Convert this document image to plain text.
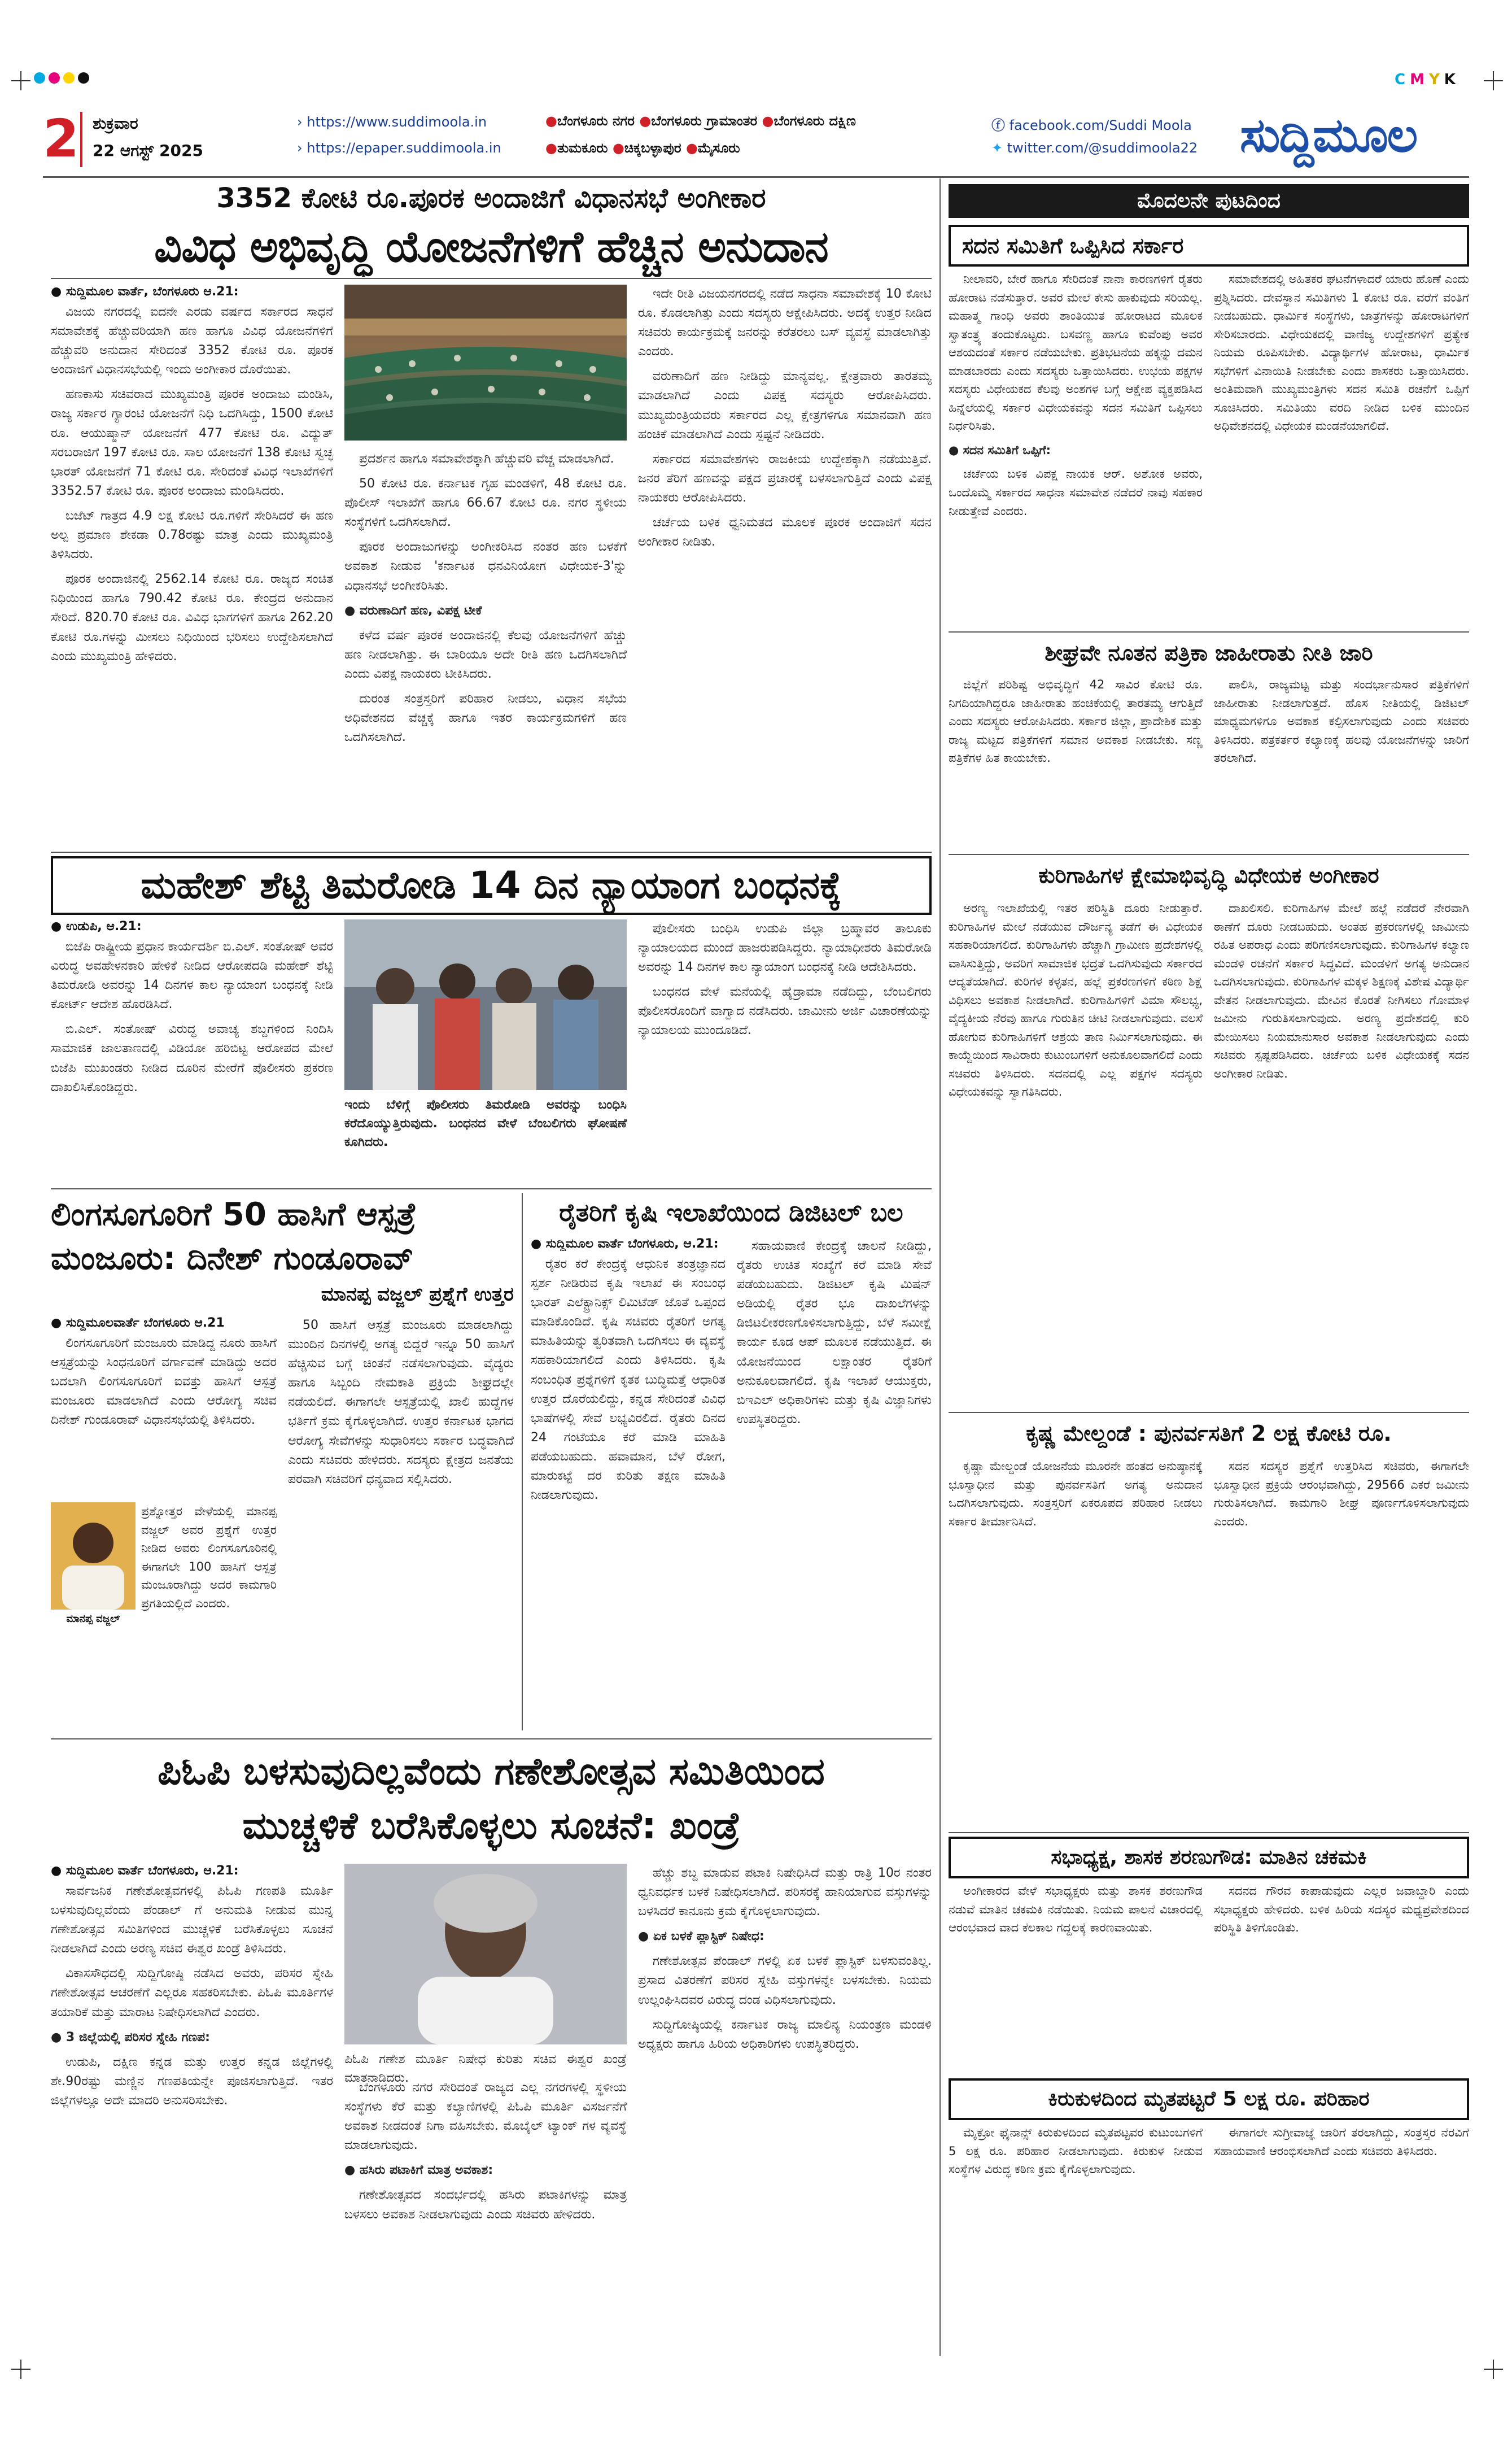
CMYK
2 ಶುಕ್ರವಾರ
22 ಆಗಸ್ಟ್ 2025
› https://www.suddimoola.in
› https://epaper.suddimoola.in
●ಬೆಂಗಳೂರು ನಗರ ●ಬೆಂಗಳೂರು ಗ್ರಾಮಾಂತರ ●ಬೆಂಗಳೂರು ದಕ್ಷಿಣ
●ತುಮಕೂರು ●ಚಿಕ್ಕಬಳ್ಳಾಪುರ ●ಮೈಸೂರು
ⓕ facebook.com/Suddi Moola
✦ twitter.com/@suddimoola22 ಸುದ್ದಿಮೂಲ
3352 ಕೋಟಿ ರೂ.ಪೂರಕ ಅಂದಾಜಿಗೆ ವಿಧಾನಸಭೆ ಅಂಗೀಕಾರ
ವಿವಿಧ ಅಭಿವೃದ್ಧಿ ಯೋಜನೆಗಳಿಗೆ ಹೆಚ್ಚಿನ ಅನುದಾನ
● ಸುದ್ದಿಮೂಲ ವಾರ್ತೆ, ಬೆಂಗಳೂರು ಆ.21:

ವಿಜಯ ನಗರದಲ್ಲಿ ಐದನೇ ಎರಡು ವರ್ಷದ ಸರ್ಕಾರದ ಸಾಧನೆ ಸಮಾವೇಶಕ್ಕೆ ಹೆಚ್ಚುವರಿಯಾಗಿ ಹಣ ಹಾಗೂ ವಿವಿಧ ಯೋಜನೆಗಳಿಗೆ ಹೆಚ್ಚುವರಿ ಅನುದಾನ ಸೇರಿದಂತೆ 3352 ಕೋಟಿ ರೂ. ಪೂರಕ ಅಂದಾಜಿಗೆ ವಿಧಾನಸಭೆಯಲ್ಲಿ ಇಂದು ಅಂಗೀಕಾರ ದೊರೆಯಿತು.

ಹಣಕಾಸು ಸಚಿವರಾದ ಮುಖ್ಯಮಂತ್ರಿ ಪೂರಕ ಅಂದಾಜು ಮಂಡಿಸಿ, ರಾಜ್ಯ ಸರ್ಕಾರ ಗ್ಯಾರಂಟಿ ಯೋಜನೆಗೆ ನಿಧಿ ಒದಗಿಸಿದ್ದು, 1500 ಕೋಟಿ ರೂ. ಆಯುಷ್ಮಾನ್ ಯೋಜನೆಗೆ 477 ಕೋಟಿ ರೂ. ವಿದ್ಯುತ್ ಸರಬರಾಜಿಗೆ 197 ಕೋಟಿ ರೂ. ಸಾಲ ಯೋಜನೆಗೆ 138 ಕೋಟಿ ಸ್ವಚ್ಛ ಭಾರತ್ ಯೋಜನೆಗೆ 71 ಕೋಟಿ ರೂ. ಸೇರಿದಂತೆ ವಿವಿಧ ಇಲಾಖೆಗಳಿಗೆ 3352.57 ಕೋಟಿ ರೂ. ಪೂರಕ ಅಂದಾಜು ಮಂಡಿಸಿದರು.

ಬಜೆಟ್ ಗಾತ್ರದ 4.9 ಲಕ್ಷ ಕೋಟಿ ರೂ.ಗಳಿಗೆ ಸೇರಿಸಿದರೆ ಈ ಹಣ ಅಲ್ಪ ಪ್ರಮಾಣ ಶೇಕಡಾ 0.78ರಷ್ಟು ಮಾತ್ರ ಎಂದು ಮುಖ್ಯಮಂತ್ರಿ ತಿಳಿಸಿದರು.

ಪೂರಕ ಅಂದಾಜಿನಲ್ಲಿ 2562.14 ಕೋಟಿ ರೂ. ರಾಜ್ಯದ ಸಂಚಿತ ನಿಧಿಯಿಂದ ಹಾಗೂ 790.42 ಕೋಟಿ ರೂ. ಕೇಂದ್ರದ ಅನುದಾನ ಸೇರಿದೆ. 820.70 ಕೋಟಿ ರೂ. ವಿವಿಧ ಭಾಗಗಳಿಗೆ ಹಾಗೂ 262.20 ಕೋಟಿ ರೂ.ಗಳನ್ನು ಮೀಸಲು ನಿಧಿಯಿಂದ ಭರಿಸಲು ಉದ್ದೇಶಿಸಲಾಗಿದೆ ಎಂದು ಮುಖ್ಯಮಂತ್ರಿ ಹೇಳಿದರು.

ಪ್ರದರ್ಶನ ಹಾಗೂ ಸಮಾವೇಶಕ್ಕಾಗಿ ಹೆಚ್ಚುವರಿ ವೆಚ್ಚ ಮಾಡಲಾಗಿದೆ.

50 ಕೋಟಿ ರೂ. ಕರ್ನಾಟಕ ಗೃಹ ಮಂಡಳಿಗೆ, 48 ಕೋಟಿ ರೂ. ಪೊಲೀಸ್ ಇಲಾಖೆಗೆ ಹಾಗೂ 66.67 ಕೋಟಿ ರೂ. ನಗರ ಸ್ಥಳೀಯ ಸಂಸ್ಥೆಗಳಿಗೆ ಒದಗಿಸಲಾಗಿದೆ.

ಪೂರಕ ಅಂದಾಜುಗಳನ್ನು ಅಂಗೀಕರಿಸಿದ ನಂತರ ಹಣ ಬಳಕೆಗೆ ಅವಕಾಶ ನೀಡುವ 'ಕರ್ನಾಟಕ ಧನವಿನಿಯೋಗ ವಿಧೇಯಕ-3'ನ್ನು ವಿಧಾನಸಭೆ ಅಂಗೀಕರಿಸಿತು.

● ವರುಣಾದಿಗೆ ಹಣ, ವಿಪಕ್ಷ ಟೀಕೆ

ಕಳೆದ ವರ್ಷ ಪೂರಕ ಅಂದಾಜಿನಲ್ಲಿ ಕೆಲವು ಯೋಜನೆಗಳಿಗೆ ಹೆಚ್ಚು ಹಣ ನೀಡಲಾಗಿತ್ತು. ಈ ಬಾರಿಯೂ ಅದೇ ರೀತಿ ಹಣ ಒದಗಿಸಲಾಗಿದೆ ಎಂದು ವಿಪಕ್ಷ ನಾಯಕರು ಟೀಕಿಸಿದರು.

ದುರಂತ ಸಂತ್ರಸ್ತರಿಗೆ ಪರಿಹಾರ ನೀಡಲು, ವಿಧಾನ ಸಭೆಯ ಅಧಿವೇಶನದ ವೆಚ್ಚಕ್ಕೆ ಹಾಗೂ ಇತರ ಕಾರ್ಯಕ್ರಮಗಳಿಗೆ ಹಣ ಒದಗಿಸಲಾಗಿದೆ.

ಇದೇ ರೀತಿ ವಿಜಯನಗರದಲ್ಲಿ ನಡೆದ ಸಾಧನಾ ಸಮಾವೇಶಕ್ಕೆ 10 ಕೋಟಿ ರೂ. ಕೊಡಲಾಗಿತ್ತು ಎಂದು ಸದಸ್ಯರು ಆಕ್ಷೇಪಿಸಿದರು. ಅದಕ್ಕೆ ಉತ್ತರ ನೀಡಿದ ಸಚಿವರು ಕಾರ್ಯಕ್ರಮಕ್ಕೆ ಜನರನ್ನು ಕರೆತರಲು ಬಸ್ ವ್ಯವಸ್ಥೆ ಮಾಡಲಾಗಿತ್ತು ಎಂದರು.

ವರುಣಾದಿಗೆ ಹಣ ನೀಡಿದ್ದು ಮಾನ್ಯವಲ್ಲ. ಕ್ಷೇತ್ರವಾರು ತಾರತಮ್ಯ ಮಾಡಲಾಗಿದೆ ಎಂದು ವಿಪಕ್ಷ ಸದಸ್ಯರು ಆರೋಪಿಸಿದರು. ಮುಖ್ಯಮಂತ್ರಿಯವರು ಸರ್ಕಾರದ ಎಲ್ಲ ಕ್ಷೇತ್ರಗಳಿಗೂ ಸಮಾನವಾಗಿ ಹಣ ಹಂಚಿಕೆ ಮಾಡಲಾಗಿದೆ ಎಂದು ಸ್ಪಷ್ಟನೆ ನೀಡಿದರು.

ಸರ್ಕಾರದ ಸಮಾವೇಶಗಳು ರಾಜಕೀಯ ಉದ್ದೇಶಕ್ಕಾಗಿ ನಡೆಯುತ್ತಿವೆ. ಜನರ ತೆರಿಗೆ ಹಣವನ್ನು ಪಕ್ಷದ ಪ್ರಚಾರಕ್ಕೆ ಬಳಸಲಾಗುತ್ತಿದೆ ಎಂದು ವಿಪಕ್ಷ ನಾಯಕರು ಆರೋಪಿಸಿದರು.

ಚರ್ಚೆಯ ಬಳಿಕ ಧ್ವನಿಮತದ ಮೂಲಕ ಪೂರಕ ಅಂದಾಜಿಗೆ ಸದನ ಅಂಗೀಕಾರ ನೀಡಿತು.

ಮಹೇಶ್ ಶೆಟ್ಟಿ ತಿಮರೋಡಿ 14 ದಿನ ನ್ಯಾಯಾಂಗ ಬಂಧನಕ್ಕೆ
● ಉಡುಪಿ, ಆ.21:

ಬಿಜೆಪಿ ರಾಷ್ಟ್ರೀಯ ಪ್ರಧಾನ ಕಾರ್ಯದರ್ಶಿ ಬಿ.ಎಲ್. ಸಂತೋಷ್ ಅವರ ವಿರುದ್ಧ ಅವಹೇಳನಕಾರಿ ಹೇಳಿಕೆ ನೀಡಿದ ಆರೋಪದಡಿ ಮಹೇಶ್ ಶೆಟ್ಟಿ ತಿಮರೋಡಿ ಅವರನ್ನು 14 ದಿನಗಳ ಕಾಲ ನ್ಯಾಯಾಂಗ ಬಂಧನಕ್ಕೆ ನೀಡಿ ಕೋರ್ಟ್ ಆದೇಶ ಹೊರಡಿಸಿದೆ.

ಬಿ.ಎಲ್. ಸಂತೋಷ್ ವಿರುದ್ಧ ಅವಾಚ್ಯ ಶಬ್ದಗಳಿಂದ ನಿಂದಿಸಿ ಸಾಮಾಜಿಕ ಜಾಲತಾಣದಲ್ಲಿ ವಿಡಿಯೋ ಹರಿಬಿಟ್ಟ ಆರೋಪದ ಮೇಲೆ ಬಿಜೆಪಿ ಮುಖಂಡರು ನೀಡಿದ ದೂರಿನ ಮೇರೆಗೆ ಪೊಲೀಸರು ಪ್ರಕರಣ ದಾಖಲಿಸಿಕೊಂಡಿದ್ದರು.

ಇಂದು ಬೆಳಿಗ್ಗೆ ಪೊಲೀಸರು ತಿಮರೋಡಿ ಅವರನ್ನು ಬಂಧಿಸಿ ಕರೆದೊಯ್ಯುತ್ತಿರುವುದು. ಬಂಧನದ ವೇಳೆ ಬೆಂಬಲಿಗರು ಘೋಷಣೆ ಕೂಗಿದರು.

ಪೊಲೀಸರು ಬಂಧಿಸಿ ಉಡುಪಿ ಜಿಲ್ಲಾ ಬ್ರಹ್ಮಾವರ ತಾಲೂಕು ನ್ಯಾಯಾಲಯದ ಮುಂದೆ ಹಾಜರುಪಡಿಸಿದ್ದರು. ನ್ಯಾಯಾಧೀಶರು ತಿಮರೋಡಿ ಅವರನ್ನು 14 ದಿನಗಳ ಕಾಲ ನ್ಯಾಯಾಂಗ ಬಂಧನಕ್ಕೆ ನೀಡಿ ಆದೇಶಿಸಿದರು.

ಬಂಧನದ ವೇಳೆ ಮನೆಯಲ್ಲಿ ಹೈಡ್ರಾಮಾ ನಡೆದಿದ್ದು, ಬೆಂಬಲಿಗರು ಪೊಲೀಸರೊಂದಿಗೆ ವಾಗ್ವಾದ ನಡೆಸಿದರು. ಜಾಮೀನು ಅರ್ಜಿ ವಿಚಾರಣೆಯನ್ನು ನ್ಯಾಯಾಲಯ ಮುಂದೂಡಿದೆ.

ಲಿಂಗಸೂಗೂರಿಗೆ 50 ಹಾಸಿಗೆ ಆಸ್ಪತ್ರೆ
ಮಂಜೂರು: ದಿನೇಶ್ ಗುಂಡೂರಾವ್
ಮಾನಪ್ಪ ವಜ್ಜಲ್ ಪ್ರಶ್ನೆಗೆ ಉತ್ತರ
● ಸುದ್ದಿಮೂಲವಾರ್ತೆ ಬೆಂಗಳೂರು ಆ.21

ಲಿಂಗಸೂಗೂರಿಗೆ ಮಂಜೂರು ಮಾಡಿದ್ದ ನೂರು ಹಾಸಿಗೆ ಆಸ್ಪತ್ರೆಯನ್ನು ಸಿಂಧನೂರಿಗೆ ವರ್ಗಾವಣೆ ಮಾಡಿದ್ದು ಅದರ ಬದಲಾಗಿ ಲಿಂಗಸೂಗೂರಿಗೆ ಐವತ್ತು ಹಾಸಿಗೆ ಆಸ್ಪತ್ರೆ ಮಂಜೂರು ಮಾಡಲಾಗಿದೆ ಎಂದು ಆರೋಗ್ಯ ಸಚಿವ ದಿನೇಶ್ ಗುಂಡೂರಾವ್ ವಿಧಾನಸಭೆಯಲ್ಲಿ ತಿಳಿಸಿದರು.

ಪ್ರಶ್ನೋತ್ತರ ವೇಳೆಯಲ್ಲಿ ಮಾನಪ್ಪ ವಜ್ಜಲ್ ಅವರ ಪ್ರಶ್ನೆಗೆ ಉತ್ತರ ನೀಡಿದ ಅವರು ಲಿಂಗಸೂಗೂರಿನಲ್ಲಿ ಈಗಾಗಲೇ 100 ಹಾಸಿಗೆ ಆಸ್ಪತ್ರೆ ಮಂಜೂರಾಗಿದ್ದು ಅದರ ಕಾಮಗಾರಿ ಪ್ರಗತಿಯಲ್ಲಿದೆ ಎಂದರು.

ಮಾನಪ್ಪ ವಜ್ಜಲ್

50 ಹಾಸಿಗೆ ಆಸ್ಪತ್ರೆ ಮಂಜೂರು ಮಾಡಲಾಗಿದ್ದು ಮುಂದಿನ ದಿನಗಳಲ್ಲಿ ಅಗತ್ಯ ಬಿದ್ದರೆ ಇನ್ನೂ 50 ಹಾಸಿಗೆ ಹೆಚ್ಚಿಸುವ ಬಗ್ಗೆ ಚಿಂತನೆ ನಡೆಸಲಾಗುವುದು. ವೈದ್ಯರು ಹಾಗೂ ಸಿಬ್ಬಂದಿ ನೇಮಕಾತಿ ಪ್ರಕ್ರಿಯೆ ಶೀಘ್ರದಲ್ಲೇ ನಡೆಯಲಿದೆ. ಈಗಾಗಲೇ ಆಸ್ಪತ್ರೆಯಲ್ಲಿ ಖಾಲಿ ಹುದ್ದೆಗಳ ಭರ್ತಿಗೆ ಕ್ರಮ ಕೈಗೊಳ್ಳಲಾಗಿದೆ. ಉತ್ತರ ಕರ್ನಾಟಕ ಭಾಗದ ಆರೋಗ್ಯ ಸೇವೆಗಳನ್ನು ಸುಧಾರಿಸಲು ಸರ್ಕಾರ ಬದ್ಧವಾಗಿದೆ ಎಂದು ಸಚಿವರು ಹೇಳಿದರು. ಸದಸ್ಯರು ಕ್ಷೇತ್ರದ ಜನತೆಯ ಪರವಾಗಿ ಸಚಿವರಿಗೆ ಧನ್ಯವಾದ ಸಲ್ಲಿಸಿದರು.

ರೈತರಿಗೆ ಕೃಷಿ ಇಲಾಖೆಯಿಂದ ಡಿಜಿಟಲ್ ಬಲ
● ಸುದ್ದಿಮೂಲ ವಾರ್ತೆ ಬೆಂಗಳೂರು, ಆ.21:

ರೈತರ ಕರೆ ಕೇಂದ್ರಕ್ಕೆ ಆಧುನಿಕ ತಂತ್ರಜ್ಞಾನದ ಸ್ಪರ್ಶ ನೀಡಿರುವ ಕೃಷಿ ಇಲಾಖೆ ಈ ಸಂಬಂಧ ಭಾರತ್ ಎಲೆಕ್ಟ್ರಾನಿಕ್ಸ್ ಲಿಮಿಟೆಡ್ ಜೊತೆ ಒಪ್ಪಂದ ಮಾಡಿಕೊಂಡಿದೆ. ಕೃಷಿ ಸಚಿವರು ರೈತರಿಗೆ ಅಗತ್ಯ ಮಾಹಿತಿಯನ್ನು ತ್ವರಿತವಾಗಿ ಒದಗಿಸಲು ಈ ವ್ಯವಸ್ಥೆ ಸಹಕಾರಿಯಾಗಲಿದೆ ಎಂದು ತಿಳಿಸಿದರು. ಕೃಷಿ ಸಂಬಂಧಿತ ಪ್ರಶ್ನೆಗಳಿಗೆ ಕೃತಕ ಬುದ್ಧಿಮತ್ತೆ ಆಧಾರಿತ ಉತ್ತರ ದೊರೆಯಲಿದ್ದು, ಕನ್ನಡ ಸೇರಿದಂತೆ ವಿವಿಧ ಭಾಷೆಗಳಲ್ಲಿ ಸೇವೆ ಲಭ್ಯವಿರಲಿದೆ. ರೈತರು ದಿನದ 24 ಗಂಟೆಯೂ ಕರೆ ಮಾಡಿ ಮಾಹಿತಿ ಪಡೆಯಬಹುದು. ಹವಾಮಾನ, ಬೆಳೆ ರೋಗ, ಮಾರುಕಟ್ಟೆ ದರ ಕುರಿತು ತಕ್ಷಣ ಮಾಹಿತಿ ನೀಡಲಾಗುವುದು.

ಸಹಾಯವಾಣಿ ಕೇಂದ್ರಕ್ಕೆ ಚಾಲನೆ ನೀಡಿದ್ದು, ರೈತರು ಉಚಿತ ಸಂಖ್ಯೆಗೆ ಕರೆ ಮಾಡಿ ಸೇವೆ ಪಡೆಯಬಹುದು. ಡಿಜಿಟಲ್ ಕೃಷಿ ಮಿಷನ್ ಅಡಿಯಲ್ಲಿ ರೈತರ ಭೂ ದಾಖಲೆಗಳನ್ನು ಡಿಜಿಟಲೀಕರಣಗೊಳಿಸಲಾಗುತ್ತಿದ್ದು, ಬೆಳೆ ಸಮೀಕ್ಷೆ ಕಾರ್ಯ ಕೂಡ ಆಪ್ ಮೂಲಕ ನಡೆಯುತ್ತಿದೆ. ಈ ಯೋಜನೆಯಿಂದ ಲಕ್ಷಾಂತರ ರೈತರಿಗೆ ಅನುಕೂಲವಾಗಲಿದೆ. ಕೃಷಿ ಇಲಾಖೆ ಆಯುಕ್ತರು, ಬಿಇಎಲ್ ಅಧಿಕಾರಿಗಳು ಮತ್ತು ಕೃಷಿ ವಿಜ್ಞಾನಿಗಳು ಉಪಸ್ಥಿತರಿದ್ದರು.

ಪಿಓಪಿ ಬಳಸುವುದಿಲ್ಲವೆಂದು ಗಣೇಶೋತ್ಸವ ಸಮಿತಿಯಿಂದ
ಮುಚ್ಚಳಿಕೆ ಬರೆಸಿಕೊಳ್ಳಲು ಸೂಚನೆ: ಖಂಡ್ರೆ
● ಸುದ್ದಿಮೂಲ ವಾರ್ತೆ ಬೆಂಗಳೂರು, ಆ.21:

ಸಾರ್ವಜನಿಕ ಗಣೇಶೋತ್ಸವಗಳಲ್ಲಿ ಪಿಓಪಿ ಗಣಪತಿ ಮೂರ್ತಿ ಬಳಸುವುದಿಲ್ಲವೆಂದು ಪೆಂಡಾಲ್ ಗೆ ಅನುಮತಿ ನೀಡುವ ಮುನ್ನ ಗಣೇಶೋತ್ಸವ ಸಮಿತಿಗಳಿಂದ ಮುಚ್ಚಳಿಕೆ ಬರೆಸಿಕೊಳ್ಳಲು ಸೂಚನೆ ನೀಡಲಾಗಿದೆ ಎಂದು ಅರಣ್ಯ ಸಚಿವ ಈಶ್ವರ ಖಂಡ್ರೆ ತಿಳಿಸಿದರು.

ವಿಕಾಸಸೌಧದಲ್ಲಿ ಸುದ್ದಿಗೋಷ್ಠಿ ನಡೆಸಿದ ಅವರು, ಪರಿಸರ ಸ್ನೇಹಿ ಗಣೇಶೋತ್ಸವ ಆಚರಣೆಗೆ ಎಲ್ಲರೂ ಸಹಕರಿಸಬೇಕು. ಪಿಓಪಿ ಮೂರ್ತಿಗಳ ತಯಾರಿಕೆ ಮತ್ತು ಮಾರಾಟ ನಿಷೇಧಿಸಲಾಗಿದೆ ಎಂದರು.

● 3 ಜಿಲ್ಲೆಯಲ್ಲಿ ಪರಿಸರ ಸ್ನೇಹಿ ಗಣಪ:

ಉಡುಪಿ, ದಕ್ಷಿಣ ಕನ್ನಡ ಮತ್ತು ಉತ್ತರ ಕನ್ನಡ ಜಿಲ್ಲೆಗಳಲ್ಲಿ ಶೇ.90ರಷ್ಟು ಮಣ್ಣಿನ ಗಣಪತಿಯನ್ನೇ ಪೂಜಿಸಲಾಗುತ್ತಿದೆ. ಇತರ ಜಿಲ್ಲೆಗಳಲ್ಲೂ ಅದೇ ಮಾದರಿ ಅನುಸರಿಸಬೇಕು.

ಪಿಓಪಿ ಗಣೇಶ ಮೂರ್ತಿ ನಿಷೇಧ ಕುರಿತು ಸಚಿವ ಈಶ್ವರ ಖಂಡ್ರೆ ಮಾತನಾಡಿದರು.

ಬೆಂಗಳೂರು ನಗರ ಸೇರಿದಂತೆ ರಾಜ್ಯದ ಎಲ್ಲ ನಗರಗಳಲ್ಲಿ ಸ್ಥಳೀಯ ಸಂಸ್ಥೆಗಳು ಕೆರೆ ಮತ್ತು ಕಲ್ಯಾಣಿಗಳಲ್ಲಿ ಪಿಓಪಿ ಮೂರ್ತಿ ವಿಸರ್ಜನೆಗೆ ಅವಕಾಶ ನೀಡದಂತೆ ನಿಗಾ ವಹಿಸಬೇಕು. ಮೊಬೈಲ್ ಟ್ಯಾಂಕ್ ಗಳ ವ್ಯವಸ್ಥೆ ಮಾಡಲಾಗುವುದು.

● ಹಸಿರು ಪಟಾಕಿಗೆ ಮಾತ್ರ ಅವಕಾಶ:

ಗಣೇಶೋತ್ಸವದ ಸಂದರ್ಭದಲ್ಲಿ ಹಸಿರು ಪಟಾಕಿಗಳನ್ನು ಮಾತ್ರ ಬಳಸಲು ಅವಕಾಶ ನೀಡಲಾಗುವುದು ಎಂದು ಸಚಿವರು ಹೇಳಿದರು.

ಹೆಚ್ಚು ಶಬ್ದ ಮಾಡುವ ಪಟಾಕಿ ನಿಷೇಧಿಸಿದೆ ಮತ್ತು ರಾತ್ರಿ 10ರ ನಂತರ ಧ್ವನಿವರ್ಧಕ ಬಳಕೆ ನಿಷೇಧಿಸಲಾಗಿದೆ. ಪರಿಸರಕ್ಕೆ ಹಾನಿಯಾಗುವ ವಸ್ತುಗಳನ್ನು ಬಳಸಿದರೆ ಕಾನೂನು ಕ್ರಮ ಕೈಗೊಳ್ಳಲಾಗುವುದು.

● ಏಕ ಬಳಕೆ ಪ್ಲಾಸ್ಟಿಕ್ ನಿಷೇಧ:

ಗಣೇಶೋತ್ಸವ ಪೆಂಡಾಲ್ ಗಳಲ್ಲಿ ಏಕ ಬಳಕೆ ಪ್ಲಾಸ್ಟಿಕ್ ಬಳಸುವಂತಿಲ್ಲ. ಪ್ರಸಾದ ವಿತರಣೆಗೆ ಪರಿಸರ ಸ್ನೇಹಿ ವಸ್ತುಗಳನ್ನೇ ಬಳಸಬೇಕು. ನಿಯಮ ಉಲ್ಲಂಘಿಸಿದವರ ವಿರುದ್ಧ ದಂಡ ವಿಧಿಸಲಾಗುವುದು.

ಸುದ್ದಿಗೋಷ್ಠಿಯಲ್ಲಿ ಕರ್ನಾಟಕ ರಾಜ್ಯ ಮಾಲಿನ್ಯ ನಿಯಂತ್ರಣ ಮಂಡಳಿ ಅಧ್ಯಕ್ಷರು ಹಾಗೂ ಹಿರಿಯ ಅಧಿಕಾರಿಗಳು ಉಪಸ್ಥಿತರಿದ್ದರು.

ಮೊದಲನೇ ಪುಟದಿಂದ
ಸದನ ಸಮಿತಿಗೆ ಒಪ್ಪಿಸಿದ ಸರ್ಕಾರ

ನೀಲಾವರಿ, ಬೇರೆ ಹಾಗೂ ಸೇರಿದಂತೆ ನಾನಾ ಕಾರಣಗಳಿಗೆ ರೈತರು ಹೋರಾಟ ನಡೆಸುತ್ತಾರೆ. ಅವರ ಮೇಲೆ ಕೇಸು ಹಾಕುವುದು ಸರಿಯಲ್ಲ. ಮಹಾತ್ಮ ಗಾಂಧಿ ಅವರು ಶಾಂತಿಯುತ ಹೋರಾಟದ ಮೂಲಕ ಸ್ವಾತಂತ್ರ್ಯ ತಂದುಕೊಟ್ಟರು. ಬಸವಣ್ಣ ಹಾಗೂ ಕುವೆಂಪು ಅವರ ಆಶಯದಂತೆ ಸರ್ಕಾರ ನಡೆಯಬೇಕು. ಪ್ರತಿಭಟನೆಯ ಹಕ್ಕನ್ನು ದಮನ ಮಾಡಬಾರದು ಎಂದು ಸದಸ್ಯರು ಒತ್ತಾಯಿಸಿದರು. ಉಭಯ ಪಕ್ಷಗಳ ಸದಸ್ಯರು ವಿಧೇಯಕದ ಕೆಲವು ಅಂಶಗಳ ಬಗ್ಗೆ ಆಕ್ಷೇಪ ವ್ಯಕ್ತಪಡಿಸಿದ ಹಿನ್ನೆಲೆಯಲ್ಲಿ ಸರ್ಕಾರ ವಿಧೇಯಕವನ್ನು ಸದನ ಸಮಿತಿಗೆ ಒಪ್ಪಿಸಲು ನಿರ್ಧರಿಸಿತು.

● ಸದನ ಸಮಿತಿಗೆ ಒಪ್ಪಿಗೆ:

ಚರ್ಚೆಯ ಬಳಿಕ ವಿಪಕ್ಷ ನಾಯಕ ಆರ್. ಅಶೋಕ ಅವರು, ಒಂದೊಮ್ಮೆ ಸರ್ಕಾರದ ಸಾಧನಾ ಸಮಾವೇಶ ನಡೆದರೆ ನಾವು ಸಹಕಾರ ನೀಡುತ್ತೇವೆ ಎಂದರು.

ಸಮಾವೇಶದಲ್ಲಿ ಅಹಿತಕರ ಘಟನೆಗಳಾದರೆ ಯಾರು ಹೊಣೆ ಎಂದು ಪ್ರಶ್ನಿಸಿದರು. ದೇವಸ್ಥಾನ ಸಮಿತಿಗಳು 1 ಕೋಟಿ ರೂ. ವರೆಗೆ ವಂತಿಗೆ ನೀಡಬಹುದು. ಧಾರ್ಮಿಕ ಸಂಸ್ಥೆಗಳು, ಜಾತ್ರೆಗಳನ್ನು ಹೋರಾಟಗಳಿಗೆ ಸೇರಿಸಬಾರದು. ವಿಧೇಯಕದಲ್ಲಿ ವಾಣಿಜ್ಯ ಉದ್ದೇಶಗಳಿಗೆ ಪ್ರತ್ಯೇಕ ನಿಯಮ ರೂಪಿಸಬೇಕು. ವಿದ್ಯಾರ್ಥಿಗಳ ಹೋರಾಟ, ಧಾರ್ಮಿಕ ಸಭೆಗಳಿಗೆ ವಿನಾಯಿತಿ ನೀಡಬೇಕು ಎಂದು ಶಾಸಕರು ಒತ್ತಾಯಿಸಿದರು. ಅಂತಿಮವಾಗಿ ಮುಖ್ಯಮಂತ್ರಿಗಳು ಸದನ ಸಮಿತಿ ರಚನೆಗೆ ಒಪ್ಪಿಗೆ ಸೂಚಿಸಿದರು. ಸಮಿತಿಯು ವರದಿ ನೀಡಿದ ಬಳಿಕ ಮುಂದಿನ ಅಧಿವೇಶನದಲ್ಲಿ ವಿಧೇಯಕ ಮಂಡನೆಯಾಗಲಿದೆ.

ಶೀಘ್ರವೇ ನೂತನ ಪತ್ರಿಕಾ ಜಾಹೀರಾತು ನೀತಿ ಜಾರಿ

ಜಿಲ್ಲೆಗೆ ಪರಿಶಿಷ್ಟ ಅಭಿವೃದ್ಧಿಗೆ 42 ಸಾವಿರ ಕೋಟಿ ರೂ. ನಿಗದಿಯಾಗಿದ್ದರೂ ಜಾಹೀರಾತು ಹಂಚಿಕೆಯಲ್ಲಿ ತಾರತಮ್ಯ ಆಗುತ್ತಿದೆ ಎಂದು ಸದಸ್ಯರು ಆರೋಪಿಸಿದರು. ಸರ್ಕಾರ ಜಿಲ್ಲಾ, ಪ್ರಾದೇಶಿಕ ಮತ್ತು ರಾಜ್ಯ ಮಟ್ಟದ ಪತ್ರಿಕೆಗಳಿಗೆ ಸಮಾನ ಅವಕಾಶ ನೀಡಬೇಕು. ಸಣ್ಣ ಪತ್ರಿಕೆಗಳ ಹಿತ ಕಾಯಬೇಕು.

ಪಾಲಿಸಿ, ರಾಜ್ಯಮಟ್ಟ ಮತ್ತು ಸಂದರ್ಭಾನುಸಾರ ಪತ್ರಿಕೆಗಳಿಗೆ ಜಾಹೀರಾತು ನೀಡಲಾಗುತ್ತದೆ. ಹೊಸ ನೀತಿಯಲ್ಲಿ ಡಿಜಿಟಲ್ ಮಾಧ್ಯಮಗಳಿಗೂ ಅವಕಾಶ ಕಲ್ಪಿಸಲಾಗುವುದು ಎಂದು ಸಚಿವರು ತಿಳಿಸಿದರು. ಪತ್ರಕರ್ತರ ಕಲ್ಯಾಣಕ್ಕೆ ಹಲವು ಯೋಜನೆಗಳನ್ನು ಜಾರಿಗೆ ತರಲಾಗಿದೆ.

ಕುರಿಗಾಹಿಗಳ ಕ್ಷೇಮಾಭಿವೃದ್ಧಿ ವಿಧೇಯಕ ಅಂಗೀಕಾರ

ಅರಣ್ಯ ಇಲಾಖೆಯಲ್ಲಿ ಇತರ ಪರಿಸ್ಥಿತಿ ದೂರು ನೀಡುತ್ತಾರೆ. ಕುರಿಗಾಹಿಗಳ ಮೇಲೆ ನಡೆಯುವ ದೌರ್ಜನ್ಯ ತಡೆಗೆ ಈ ವಿಧೇಯಕ ಸಹಕಾರಿಯಾಗಲಿದೆ. ಕುರಿಗಾಹಿಗಳು ಹೆಚ್ಚಾಗಿ ಗ್ರಾಮೀಣ ಪ್ರದೇಶಗಳಲ್ಲಿ ವಾಸಿಸುತ್ತಿದ್ದು, ಅವರಿಗೆ ಸಾಮಾಜಿಕ ಭದ್ರತೆ ಒದಗಿಸುವುದು ಸರ್ಕಾರದ ಆದ್ಯತೆಯಾಗಿದೆ. ಕುರಿಗಳ ಕಳ್ಳತನ, ಹಲ್ಲೆ ಪ್ರಕರಣಗಳಿಗೆ ಕಠಿಣ ಶಿಕ್ಷೆ ವಿಧಿಸಲು ಅವಕಾಶ ನೀಡಲಾಗಿದೆ. ಕುರಿಗಾಹಿಗಳಿಗೆ ವಿಮಾ ಸೌಲಭ್ಯ, ವೈದ್ಯಕೀಯ ನೆರವು ಹಾಗೂ ಗುರುತಿನ ಚೀಟಿ ನೀಡಲಾಗುವುದು. ವಲಸೆ ಹೋಗುವ ಕುರಿಗಾಹಿಗಳಿಗೆ ಆಶ್ರಯ ತಾಣ ನಿರ್ಮಿಸಲಾಗುವುದು. ಈ ಕಾಯ್ದೆಯಿಂದ ಸಾವಿರಾರು ಕುಟುಂಬಗಳಿಗೆ ಅನುಕೂಲವಾಗಲಿದೆ ಎಂದು ಸಚಿವರು ತಿಳಿಸಿದರು. ಸದನದಲ್ಲಿ ಎಲ್ಲ ಪಕ್ಷಗಳ ಸದಸ್ಯರು ವಿಧೇಯಕವನ್ನು ಸ್ವಾಗತಿಸಿದರು.

ದಾಖಲಿಸಲಿ. ಕುರಿಗಾಹಿಗಳ ಮೇಲೆ ಹಲ್ಲೆ ನಡೆದರೆ ನೇರವಾಗಿ ಠಾಣೆಗೆ ದೂರು ನೀಡಬಹುದು. ಅಂತಹ ಪ್ರಕರಣಗಳಲ್ಲಿ ಜಾಮೀನು ರಹಿತ ಅಪರಾಧ ಎಂದು ಪರಿಗಣಿಸಲಾಗುವುದು. ಕುರಿಗಾಹಿಗಳ ಕಲ್ಯಾಣ ಮಂಡಳಿ ರಚನೆಗೆ ಸರ್ಕಾರ ಸಿದ್ಧವಿದೆ. ಮಂಡಳಿಗೆ ಅಗತ್ಯ ಅನುದಾನ ಒದಗಿಸಲಾಗುವುದು. ಕುರಿಗಾಹಿಗಳ ಮಕ್ಕಳ ಶಿಕ್ಷಣಕ್ಕೆ ವಿಶೇಷ ವಿದ್ಯಾರ್ಥಿ ವೇತನ ನೀಡಲಾಗುವುದು. ಮೇವಿನ ಕೊರತೆ ನೀಗಿಸಲು ಗೋಮಾಳ ಜಮೀನು ಗುರುತಿಸಲಾಗುವುದು. ಅರಣ್ಯ ಪ್ರದೇಶದಲ್ಲಿ ಕುರಿ ಮೇಯಿಸಲು ನಿಯಮಾನುಸಾರ ಅವಕಾಶ ನೀಡಲಾಗುವುದು ಎಂದು ಸಚಿವರು ಸ್ಪಷ್ಟಪಡಿಸಿದರು. ಚರ್ಚೆಯ ಬಳಿಕ ವಿಧೇಯಕಕ್ಕೆ ಸದನ ಅಂಗೀಕಾರ ನೀಡಿತು.

ಕೃಷ್ಣ ಮೇಲ್ದಂಡೆ : ಪುನರ್ವಸತಿಗೆ 2 ಲಕ್ಷ ಕೋಟಿ ರೂ.

ಕೃಷ್ಣಾ ಮೇಲ್ದಂಡೆ ಯೋಜನೆಯ ಮೂರನೇ ಹಂತದ ಅನುಷ್ಠಾನಕ್ಕೆ ಭೂಸ್ವಾಧೀನ ಮತ್ತು ಪುನರ್ವಸತಿಗೆ ಅಗತ್ಯ ಅನುದಾನ ಒದಗಿಸಲಾಗುವುದು. ಸಂತ್ರಸ್ತರಿಗೆ ಏಕರೂಪದ ಪರಿಹಾರ ನೀಡಲು ಸರ್ಕಾರ ತೀರ್ಮಾನಿಸಿದೆ.

ಸದನ ಸದಸ್ಯರ ಪ್ರಶ್ನೆಗೆ ಉತ್ತರಿಸಿದ ಸಚಿವರು, ಈಗಾಗಲೇ ಭೂಸ್ವಾಧೀನ ಪ್ರಕ್ರಿಯೆ ಆರಂಭವಾಗಿದ್ದು, 29566 ಎಕರೆ ಜಮೀನು ಗುರುತಿಸಲಾಗಿದೆ. ಕಾಮಗಾರಿ ಶೀಘ್ರ ಪೂರ್ಣಗೊಳಿಸಲಾಗುವುದು ಎಂದರು.

ಸಭಾಧ್ಯಕ್ಷ, ಶಾಸಕ ಶರಣುಗೌಡ: ಮಾತಿನ ಚಕಮಕಿ

ಅಂಗೀಕಾರದ ವೇಳೆ ಸಭಾಧ್ಯಕ್ಷರು ಮತ್ತು ಶಾಸಕ ಶರಣುಗೌಡ ನಡುವೆ ಮಾತಿನ ಚಕಮಕಿ ನಡೆಯಿತು. ನಿಯಮ ಪಾಲನೆ ವಿಚಾರದಲ್ಲಿ ಆರಂಭವಾದ ವಾದ ಕೆಲಕಾಲ ಗದ್ದಲಕ್ಕೆ ಕಾರಣವಾಯಿತು.

ಸದನದ ಗೌರವ ಕಾಪಾಡುವುದು ಎಲ್ಲರ ಜವಾಬ್ದಾರಿ ಎಂದು ಸಭಾಧ್ಯಕ್ಷರು ಹೇಳಿದರು. ಬಳಿಕ ಹಿರಿಯ ಸದಸ್ಯರ ಮಧ್ಯಪ್ರವೇಶದಿಂದ ಪರಿಸ್ಥಿತಿ ತಿಳಿಗೊಂಡಿತು.

ಕಿರುಕುಳದಿಂದ ಮೃತಪಟ್ಟರೆ 5 ಲಕ್ಷ ರೂ. ಪರಿಹಾರ

ಮೈಕ್ರೋ ಫೈನಾನ್ಸ್ ಕಿರುಕುಳದಿಂದ ಮೃತಪಟ್ಟವರ ಕುಟುಂಬಗಳಿಗೆ 5 ಲಕ್ಷ ರೂ. ಪರಿಹಾರ ನೀಡಲಾಗುವುದು. ಕಿರುಕುಳ ನೀಡುವ ಸಂಸ್ಥೆಗಳ ವಿರುದ್ಧ ಕಠಿಣ ಕ್ರಮ ಕೈಗೊಳ್ಳಲಾಗುವುದು.

ಈಗಾಗಲೇ ಸುಗ್ರೀವಾಜ್ಞೆ ಜಾರಿಗೆ ತರಲಾಗಿದ್ದು, ಸಂತ್ರಸ್ತರ ನೆರವಿಗೆ ಸಹಾಯವಾಣಿ ಆರಂಭಿಸಲಾಗಿದೆ ಎಂದು ಸಚಿವರು ತಿಳಿಸಿದರು.
